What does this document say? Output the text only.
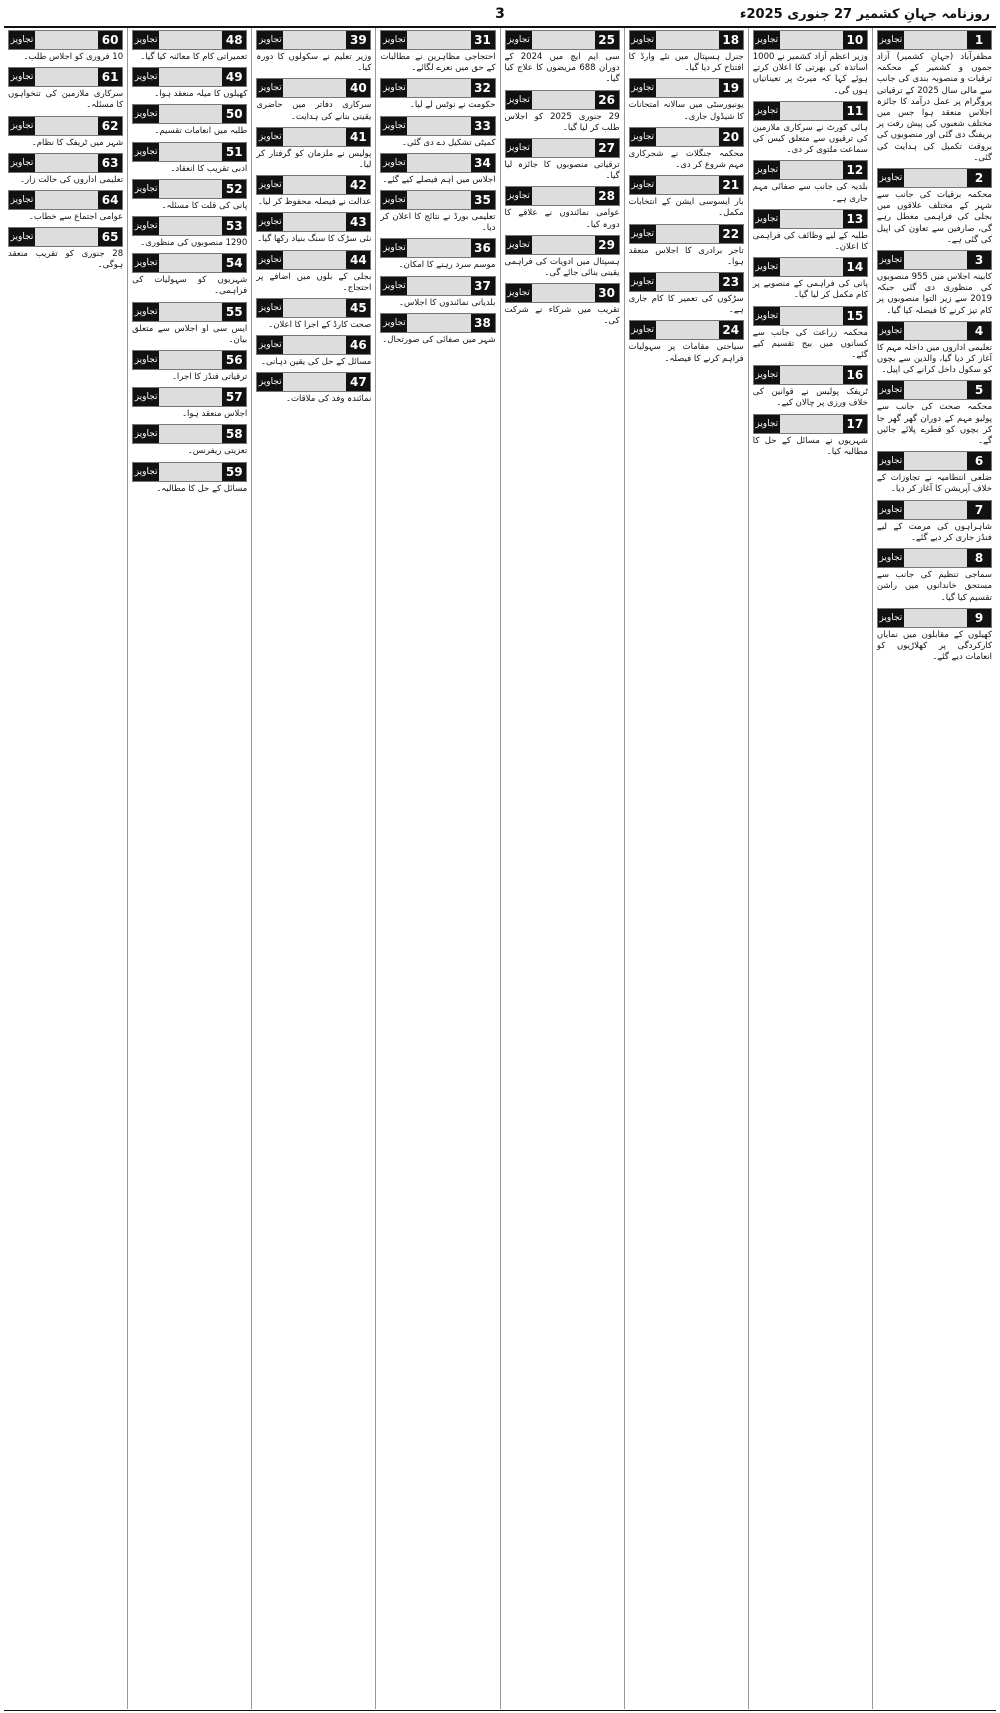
روزنامہ جہانِ کشمیر 27 جنوری 2025ء
3
تجاویز	1
مظفرآباد (جہانِ کشمیر) آزاد جموں و کشمیر کے محکمہ ترقیات و منصوبہ بندی کی جانب سے مالی سال 2025 کے ترقیاتی پروگرام پر عمل درآمد کا جائزہ اجلاس منعقد ہوا جس میں مختلف شعبوں کی پیش رفت پر بریفنگ دی گئی اور منصوبوں کی بروقت تکمیل کی ہدایت کی گئی۔
تجاویز	2
محکمہ برقیات کی جانب سے شہر کے مختلف علاقوں میں بجلی کی فراہمی معطل رہے گی، صارفین سے تعاون کی اپیل کی گئی ہے۔
تجاویز	3
کابینہ اجلاس میں 955 منصوبوں کی منظوری دی گئی جبکہ 2019 سے زیر التوا منصوبوں پر کام تیز کرنے کا فیصلہ کیا گیا۔
تجاویز	4
تعلیمی اداروں میں داخلہ مہم کا آغاز کر دیا گیا، والدین سے بچوں کو سکول داخل کرانے کی اپیل۔
تجاویز	5
محکمہ صحت کی جانب سے پولیو مہم کے دوران گھر گھر جا کر بچوں کو قطرے پلائے جائیں گے۔
تجاویز	6
ضلعی انتظامیہ نے تجاوزات کے خلاف آپریشن کا آغاز کر دیا۔
تجاویز	7
شاہراہوں کی مرمت کے لیے فنڈز جاری کر دیے گئے۔
تجاویز	8
سماجی تنظیم کی جانب سے مستحق خاندانوں میں راشن تقسیم کیا گیا۔
تجاویز	9
کھیلوں کے مقابلوں میں نمایاں کارکردگی پر کھلاڑیوں کو انعامات دیے گئے۔
تجاویز	10
وزیر اعظم آزاد کشمیر نے 1000 اساتذہ کی بھرتی کا اعلان کرتے ہوئے کہا کہ میرٹ پر تعیناتیاں ہوں گی۔
تجاویز	11
ہائی کورٹ نے سرکاری ملازمین کی ترقیوں سے متعلق کیس کی سماعت ملتوی کر دی۔
تجاویز	12
بلدیہ کی جانب سے صفائی مہم جاری ہے۔
تجاویز	13
طلبہ کے لیے وظائف کی فراہمی کا اعلان۔
تجاویز	14
پانی کی فراہمی کے منصوبے پر کام مکمل کر لیا گیا۔
تجاویز	15
محکمہ زراعت کی جانب سے کسانوں میں بیج تقسیم کیے گئے۔
تجاویز	16
ٹریفک پولیس نے قوانین کی خلاف ورزی پر چالان کیے۔
تجاویز	17
شہریوں نے مسائل کے حل کا مطالبہ کیا۔
تجاویز	18
جنرل ہسپتال میں نئے وارڈ کا افتتاح کر دیا گیا۔
تجاویز	19
یونیورسٹی میں سالانہ امتحانات کا شیڈول جاری۔
تجاویز	20
محکمہ جنگلات نے شجرکاری مہم شروع کر دی۔
تجاویز	21
بار ایسوسی ایشن کے انتخابات مکمل۔
تجاویز	22
تاجر برادری کا اجلاس منعقد ہوا۔
تجاویز	23
سڑکوں کی تعمیر کا کام جاری ہے۔
تجاویز	24
سیاحتی مقامات پر سہولیات فراہم کرنے کا فیصلہ۔
تجاویز	25
سی ایم ایچ میں 2024 کے دوران 688 مریضوں کا علاج کیا گیا۔
تجاویز	26
29 جنوری 2025 کو اجلاس طلب کر لیا گیا۔
تجاویز	27
ترقیاتی منصوبوں کا جائزہ لیا گیا۔
تجاویز	28
عوامی نمائندوں نے علاقے کا دورہ کیا۔
تجاویز	29
ہسپتال میں ادویات کی فراہمی یقینی بنائی جائے گی۔
تجاویز	30
تقریب میں شرکاء نے شرکت کی۔
تجاویز	31
احتجاجی مظاہرین نے مطالبات کے حق میں نعرے لگائے۔
تجاویز	32
حکومت نے نوٹس لے لیا۔
تجاویز	33
کمیٹی تشکیل دے دی گئی۔
تجاویز	34
اجلاس میں اہم فیصلے کیے گئے۔
تجاویز	35
تعلیمی بورڈ نے نتائج کا اعلان کر دیا۔
تجاویز	36
موسم سرد رہنے کا امکان۔
تجاویز	37
بلدیاتی نمائندوں کا اجلاس۔
تجاویز	38
شہر میں صفائی کی صورتحال۔
تجاویز	39
وزیر تعلیم نے سکولوں کا دورہ کیا۔
تجاویز	40
سرکاری دفاتر میں حاضری یقینی بنانے کی ہدایت۔
تجاویز	41
پولیس نے ملزمان کو گرفتار کر لیا۔
تجاویز	42
عدالت نے فیصلہ محفوظ کر لیا۔
تجاویز	43
نئی سڑک کا سنگ بنیاد رکھا گیا۔
تجاویز	44
بجلی کے بلوں میں اضافے پر احتجاج۔
تجاویز	45
صحت کارڈ کے اجرا کا اعلان۔
تجاویز	46
مسائل کے حل کی یقین دہانی۔
تجاویز	47
نمائندہ وفد کی ملاقات۔
تجاویز	48
تعمیراتی کام کا معائنہ کیا گیا۔
تجاویز	49
کھیلوں کا میلہ منعقد ہوا۔
تجاویز	50
طلبہ میں انعامات تقسیم۔
تجاویز	51
ادبی تقریب کا انعقاد۔
تجاویز	52
پانی کی قلت کا مسئلہ۔
تجاویز	53
1290 منصوبوں کی منظوری۔
تجاویز	54
شہریوں کو سہولیات کی فراہمی۔
تجاویز	55
ایس سی او اجلاس سے متعلق بیان۔
تجاویز	56
ترقیاتی فنڈز کا اجرا۔
تجاویز	57
اجلاس منعقد ہوا۔
تجاویز	58
تعزیتی ریفرنس۔
تجاویز	59
مسائل کے حل کا مطالبہ۔
تجاویز	60
10 فروری کو اجلاس طلب۔
تجاویز	61
سرکاری ملازمین کی تنخواہوں کا مسئلہ۔
تجاویز	62
شہر میں ٹریفک کا نظام۔
تجاویز	63
تعلیمی اداروں کی حالت زار۔
تجاویز	64
عوامی اجتماع سے خطاب۔
تجاویز	65
28 جنوری کو تقریب منعقد ہوگی۔
